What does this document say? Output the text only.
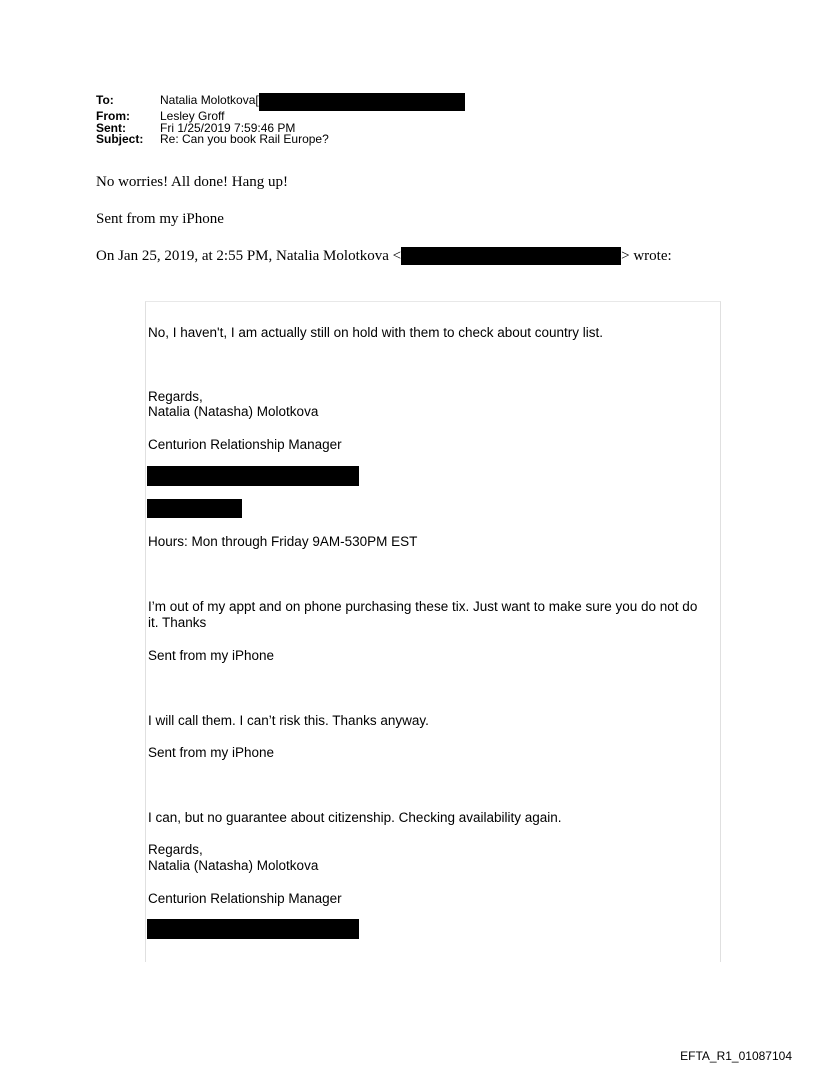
To:	Natalia Molotkova[
From:	Lesley Groff
Sent:	Fri 1/25/2019 7:59:46 PM
Subject:	Re: Can you book Rail Europe?
No worries! All done! Hang up!
Sent from my iPhone
On Jan 25, 2019, at 2:55 PM, Natalia Molotkova <	> wrote:
No, I haven't, I am actually still on hold with them to check about country list.
Regards,
Natalia (Natasha) Molotkova
Centurion Relationship Manager
Hours: Mon through Friday 9AM-530PM EST
I’m out of my appt and on phone purchasing these tix. Just want to make sure you do not do
it. Thanks
Sent from my iPhone
I will call them. I can’t risk this. Thanks anyway.
Sent from my iPhone
I can, but no guarantee about citizenship. Checking availability again.
Regards,
Natalia (Natasha) Molotkova
Centurion Relationship Manager
EFTA_R1_01087104
